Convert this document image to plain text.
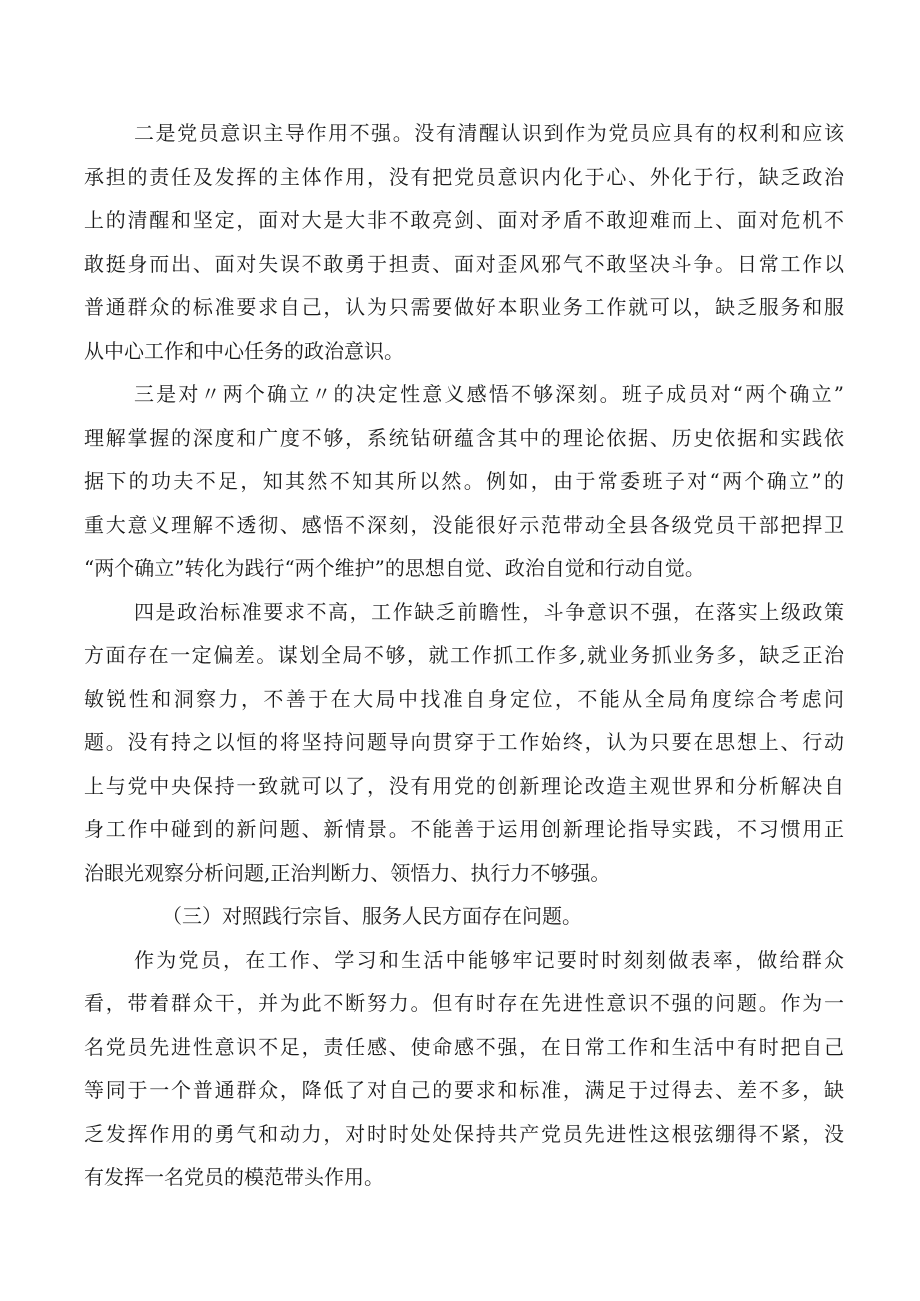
二是党员意识主导作用不强。没有清醒认识到作为党员应具有的权利和应该
承担的责任及发挥的主体作用，没有把党员意识内化于心、外化于行，缺乏政治
上的清醒和坚定，面对大是大非不敢亮剑、面对矛盾不敢迎难而上、面对危机不
敢挺身而出、面对失误不敢勇于担责、面对歪风邪气不敢坚决斗争。日常工作以
普通群众的标准要求自己，认为只需要做好本职业务工作就可以，缺乏服务和服
从中心工作和中心任务的政治意识。
三是对〃两个确立〃的决定性意义感悟不够深刻。班子成员对“两个确立”
理解掌握的深度和广度不够，系统钻研蕴含其中的理论依据、历史依据和实践依
据下的功夫不足，知其然不知其所以然。例如，由于常委班子对“两个确立”的
重大意义理解不透彻、感悟不深刻，没能很好示范带动全县各级党员干部把捍卫
“两个确立”转化为践行“两个维护”的思想自觉、政治自觉和行动自觉。
四是政治标准要求不高，工作缺乏前瞻性，斗争意识不强，在落实上级政策
方面存在一定偏差。谋划全局不够，就工作抓工作多,就业务抓业务多，缺乏正治
敏锐性和洞察力，不善于在大局中找准自身定位，不能从全局角度综合考虑问
题。没有持之以恒的将坚持问题导向贯穿于工作始终，认为只要在思想上、行动
上与党中央保持一致就可以了，没有用党的创新理论改造主观世界和分析解决自
身工作中碰到的新问题、新情景。不能善于运用创新理论指导实践，不习惯用正
治眼光观察分析问题,正治判断力、领悟力、执行力不够强。
（三）对照践行宗旨、服务人民方面存在问题。
作为党员，在工作、学习和生活中能够牢记要时时刻刻做表率，做给群众
看，带着群众干，并为此不断努力。但有时存在先进性意识不强的问题。作为一
名党员先进性意识不足，责任感、使命感不强，在日常工作和生活中有时把自己
等同于一个普通群众，降低了对自己的要求和标准，满足于过得去、差不多，缺
乏发挥作用的勇气和动力，对时时处处保持共产党员先进性这根弦绷得不紧，没
有发挥一名党员的模范带头作用。
